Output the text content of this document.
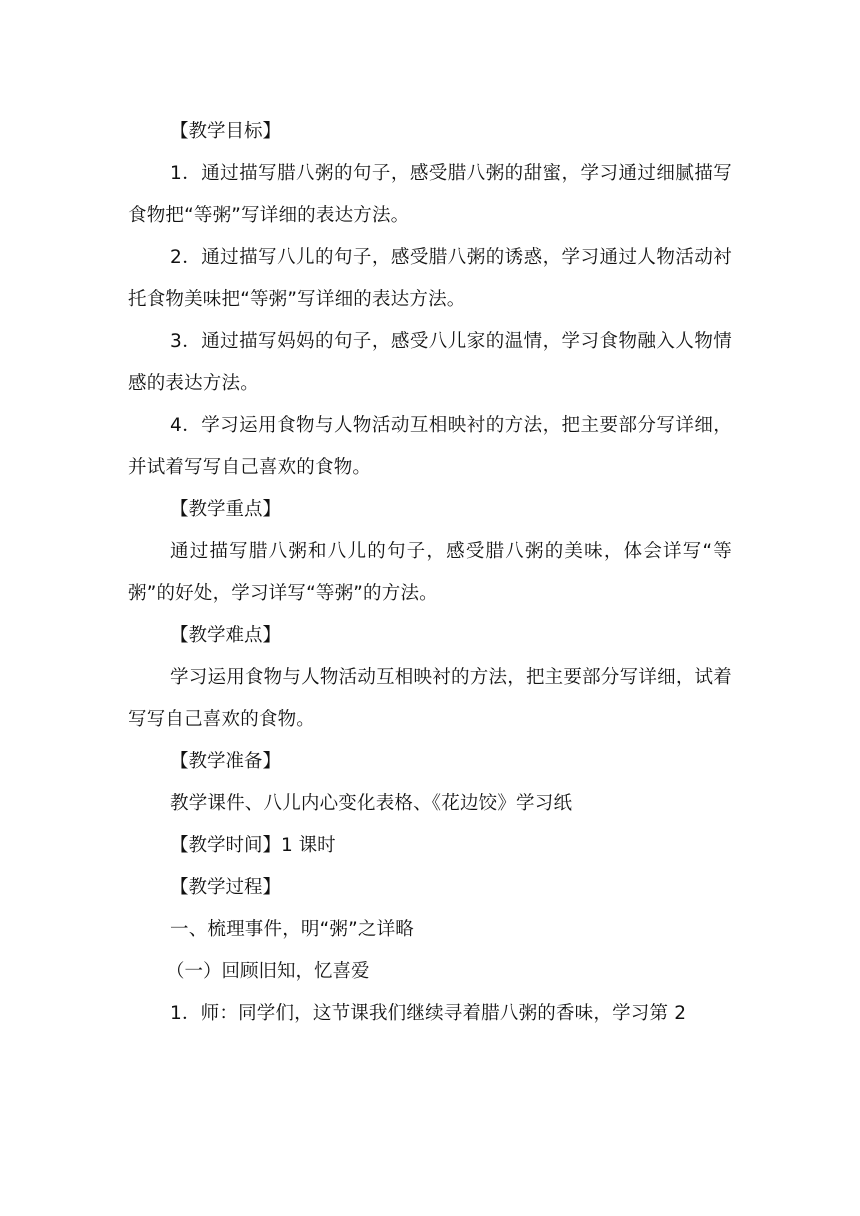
【教学目标】

1．通过描写腊八粥的句子，感受腊八粥的甜蜜，学习通过细腻描写食物把“等粥”写详细的表达方法。

2．通过描写八儿的句子，感受腊八粥的诱惑，学习通过人物活动衬托食物美味把“等粥”写详细的表达方法。

3．通过描写妈妈的句子，感受八儿家的温情，学习食物融入人物情感的表达方法。

4．学习运用食物与人物活动互相映衬的方法，把主要部分写详细，并试着写写自己喜欢的食物。

【教学重点】

通过描写腊八粥和八儿的句子，感受腊八粥的美味，体会详写“等粥”的好处，学习详写“等粥”的方法。

【教学难点】

学习运用食物与人物活动互相映衬的方法，把主要部分写详细，试着写写自己喜欢的食物。

【教学准备】

教学课件、八儿内心变化表格、《花边饺》学习纸

【教学时间】1 课时

【教学过程】

一、梳理事件，明“粥”之详略

（一）回顾旧知，忆喜爱

1．师：同学们，这节课我们继续寻着腊八粥的香味，学习第 2
